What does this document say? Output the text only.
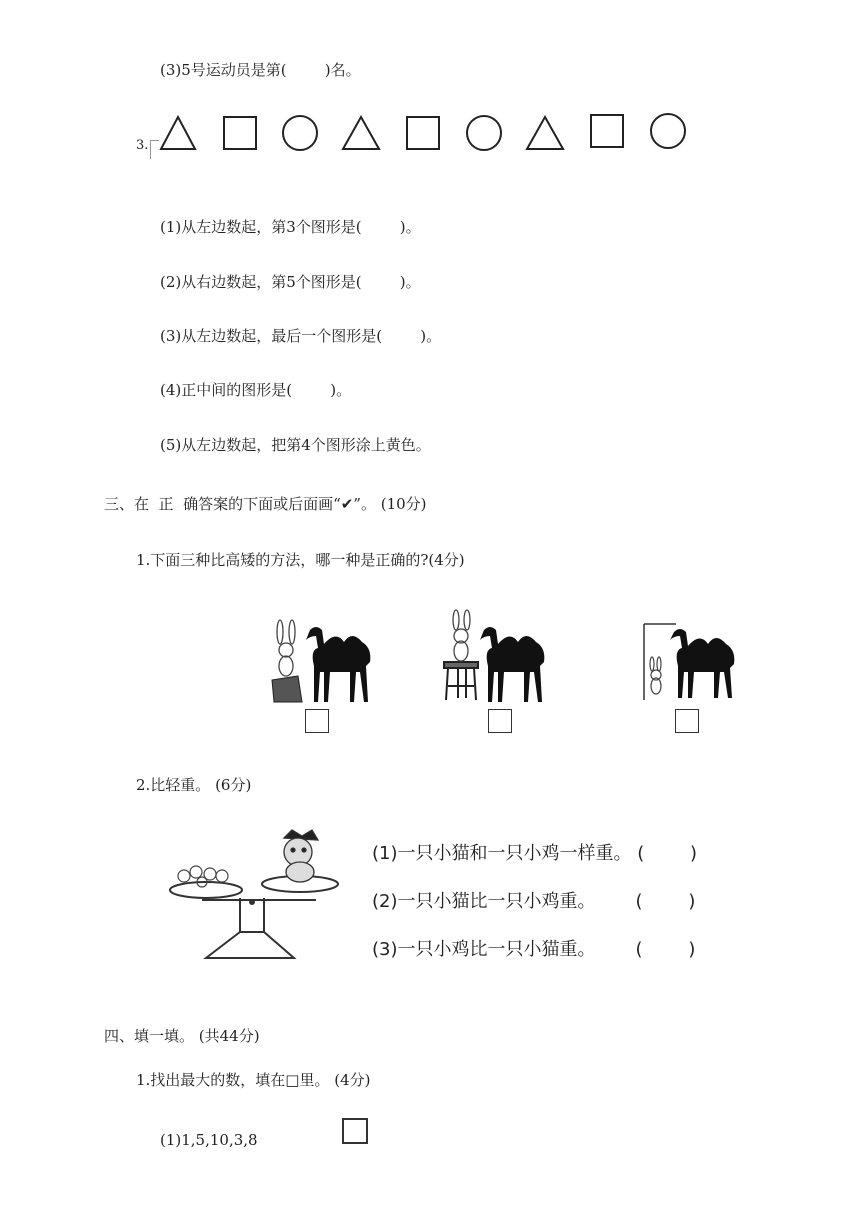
(3)5号运动员是第(        )名。
3.
(1)从左边数起，第3个图形是(        )。
(2)从右边数起，第5个图形是(        )。
(3)从左边数起，最后一个图形是(        )。
(4)正中间的图形是(        )。
(5)从左边数起，把第4个图形涂上黄色。
三、在  正  确答案的下面或后面画“✔”。 (10分)
1.下面三种比高矮的方法，哪一种是正确的?(4分)
2.比轻重。 (6分)
(1)一只小猫和一只小鸡一样重。 (        )
(2)一只小猫比一只小鸡重。       (        )
(3)一只小鸡比一只小猫重。       (        )
四、填一填。 (共44分)
1.找出最大的数，填在□里。 (4分)
(1)1,5,10,3,8
